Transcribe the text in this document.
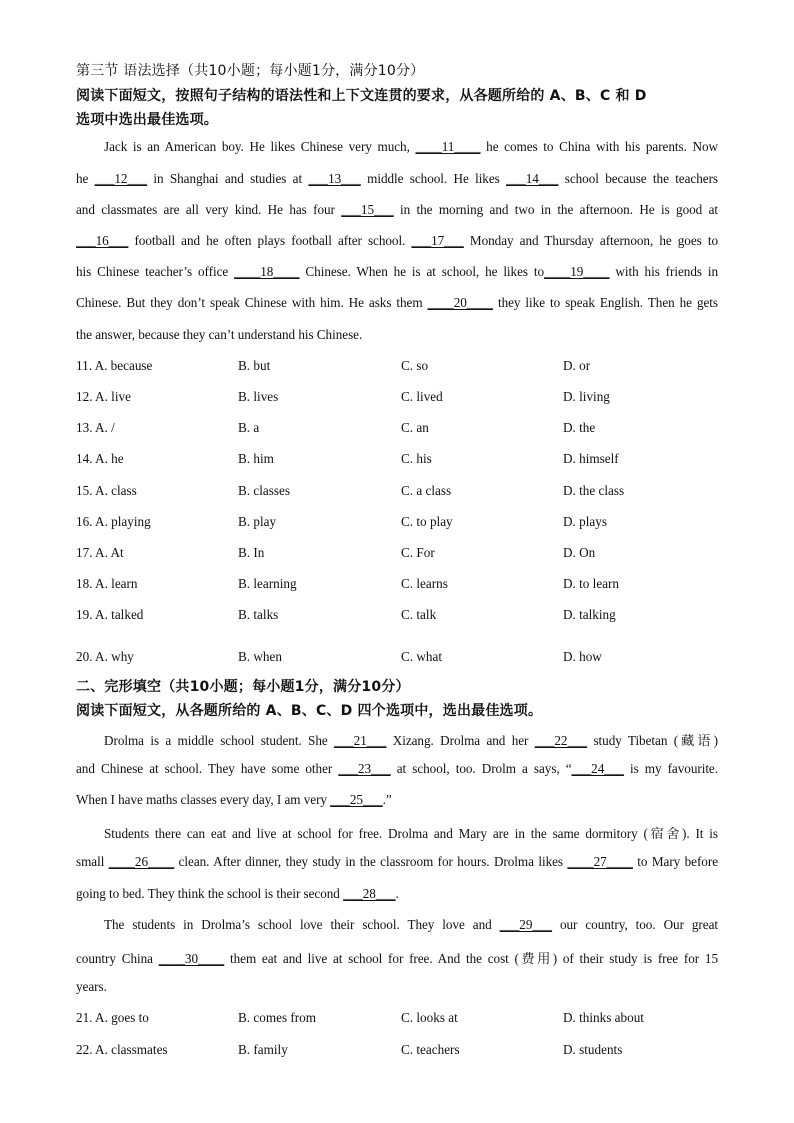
第三节 语法选择（共10小题；每小题1分，满分10分）
阅读下面短文，按照句子结构的语法性和上下文连贯的要求，从各题所给的 A、B、C 和 D
选项中选出最佳选项。
Jack is an American boy. He likes Chinese very much, ____11____ he comes to China with his parents. Now
he ___12___ in Shanghai and studies at ___13___ middle school. He likes ___14___ school because the teachers
and classmates are all very kind. He has four ___15___ in the morning and two in the afternoon. He is good at
___16___ football and he often plays football after school. ___17___ Monday and Thursday afternoon, he goes to
his Chinese teacher’s office ____18____ Chinese. When he is at school, he likes to____19____ with his friends in
Chinese. But they don’t speak Chinese with him. He asks them ____20____ they like to speak English. Then he gets
the answer, because they can’t understand his Chinese.
11. A. because	B. but	C. so	D. or
12. A. live	B. lives	C. lived	D. living
13. A. /	B. a	C. an	D. the
14. A. he	B. him	C. his	D. himself
15. A. class	B. classes	C. a class	D. the class
16. A. playing	B. play	C. to play	D. plays
17. A. At	B. In	C. For	D. On
18. A. learn	B. learning	C. learns	D. to learn
19. A. talked	B. talks	C. talk	D. talking
20. A. why	B. when	C. what	D. how
二、完形填空（共10小题；每小题1分，满分10分）
阅读下面短文，从各题所给的 A、B、C、D 四个选项中，选出最佳选项。
Drolma is a middle school student. She ___21___ Xizang. Drolma and her ___22___ study Tibetan (藏语)
and Chinese at school. They have some other ___23___ at school, too. Drolm a says, “___24___ is my favourite.
When I have maths classes every day, I am very ___25___.”
Students there can eat and live at school for free. Drolma and Mary are in the same dormitory (宿舍). It is
small ____26____ clean. After dinner, they study in the classroom for hours. Drolma likes ____27____ to Mary before
going to bed. They think the school is their second ___28___.
The students in Drolma’s school love their school. They love and ___29___ our country, too. Our great
country China ____30____ them eat and live at school for free. And the cost (费用) of their study is free for 15
years.
21. A. goes to	B. comes from	C. looks at	D. thinks about
22. A. classmates	B. family	C. teachers	D. students
